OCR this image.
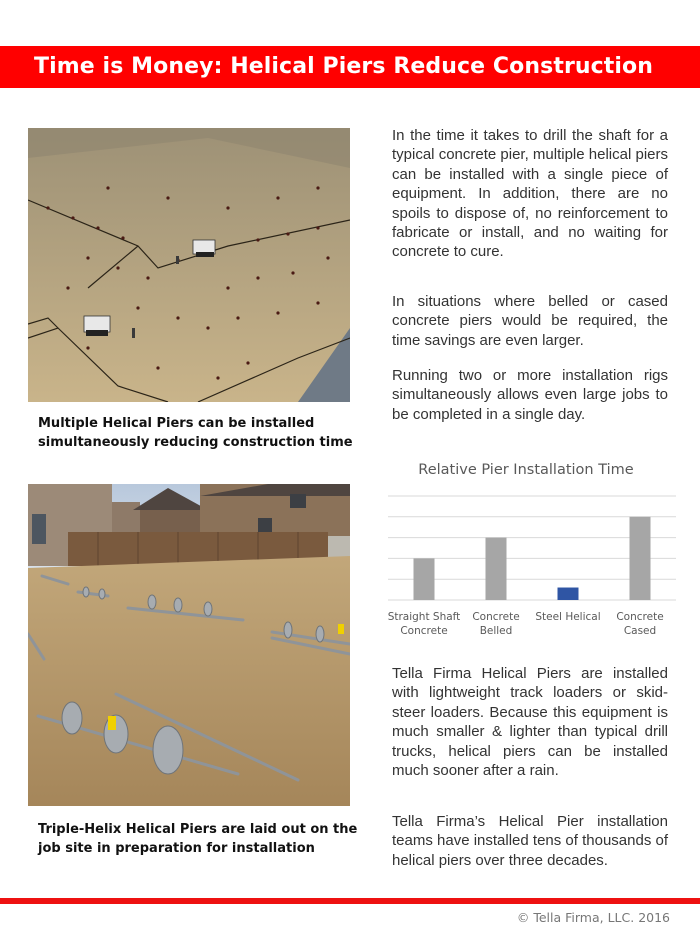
Time is Money: Helical Piers Reduce Construction Time
Multiple Helical Piers can be installed simultaneously reducing construction time
Triple-Helix Helical Piers are laid out on the job site in preparation for installation

In the time it takes to drill the shaft for a typical concrete pier, multiple helical piers can be installed with a single piece of equipment. In addition, there are no spoils to dispose of, no reinforcement to fabricate or install, and no waiting for concrete to cure.

In situations where belled or cased concrete piers would be required, the time savings are even larger.

Running two or more installation rigs simultaneously allows even large jobs to be completed in a single day.

Relative Pier Installation Time
Straight Shaft
Concrete
Concrete
Belled
Steel Helical Concrete
Cased

Tella Firma Helical Piers are installed with lightweight track loaders or skid-steer loaders. Because this equipment is much smaller & lighter than typical drill trucks, helical piers can be installed much sooner after a rain.

Tella Firma’s Helical Pier installation teams have installed tens of thousands of helical piers over three decades.

© Tella Firma, LLC. 2016
